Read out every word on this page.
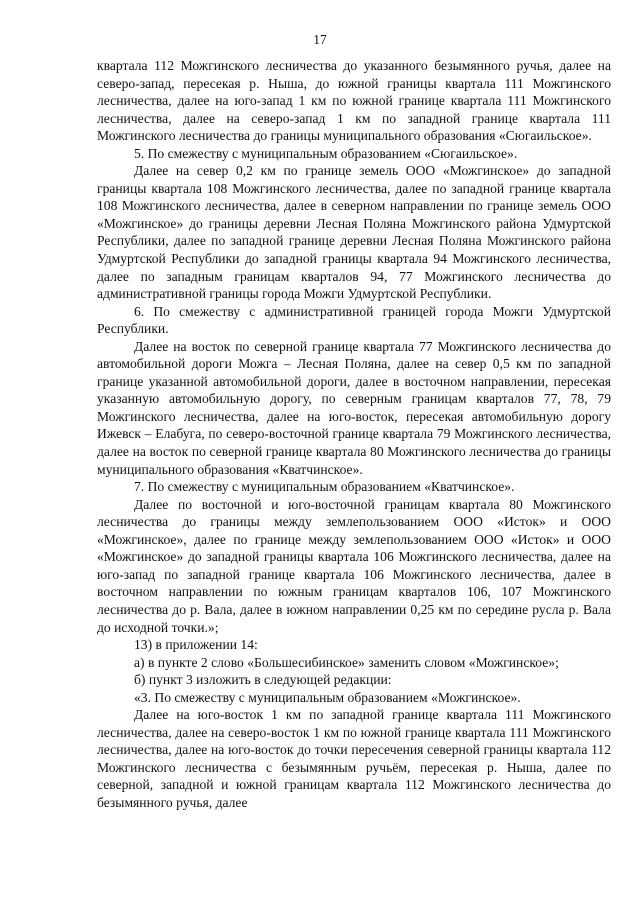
17

квартала 112 Можгинского лесничества до указанного безымянного ручья, далее на северо-запад, пересекая р. Ныша, до южной границы квартала 111 Можгинского лесничества, далее на юго-запад 1 км по южной границе квартала 111 Можгинского лесничества, далее на северо-запад 1 км по западной границе квартала 111 Можгинского лесничества до границы муниципального образования «Сюгаильское».

5. По смежеству с муниципальным образованием «Сюгаильское».

Далее на север 0,2 км по границе земель ООО «Можгинское» до западной границы квартала 108 Можгинского лесничества, далее по западной границе квартала 108 Можгинского лесничества, далее в северном направлении по границе земель ООО «Можгинское» до границы деревни Лесная Поляна Можгинского района Удмуртской Республики, далее по западной границе деревни Лесная Поляна Можгинского района Удмуртской Республики до западной границы квартала 94 Можгинского лесничества, далее по западным границам кварталов 94, 77 Можгинского лесничества до административной границы города Можги Удмуртской Республики.

6. По смежеству с административной границей города Можги Удмуртской Республики.

Далее на восток по северной границе квартала 77 Можгинского лесничества до автомобильной дороги Можга – Лесная Поляна, далее на север 0,5 км по западной границе указанной автомобильной дороги, далее в восточном направлении, пересекая указанную автомобильную дорогу, по северным границам кварталов 77, 78, 79 Можгинского лесничества, далее на юго-восток, пересекая автомобильную дорогу Ижевск – Елабуга, по северо-восточной границе квартала 79 Можгинского лесничества, далее на восток по северной границе квартала 80 Можгинского лесничества до границы муниципального образования «Кватчинское».

7. По смежеству с муниципальным образованием «Кватчинское».

Далее по восточной и юго-восточной границам квартала 80 Можгинского лесничества до границы между землепользованием ООО «Исток» и ООО «Можгинское», далее по границе между землепользованием ООО «Исток» и ООО «Можгинское» до западной границы квартала 106 Можгинского лесничества, далее на юго-запад по западной границе квартала 106 Можгинского лесничества, далее в восточном направлении по южным границам кварталов 106, 107 Можгинского лесничества до р. Вала, далее в южном направлении 0,25 км по середине русла р. Вала до исходной точки.»;

13) в приложении 14:

а) в пункте 2 слово «Большесибинское» заменить словом «Можгинское»;

б) пункт 3 изложить в следующей редакции:

«3. По смежеству с муниципальным образованием «Можгинское».

Далее на юго-восток 1 км по западной границе квартала 111 Можгинского лесничества, далее на северо-восток 1 км по южной границе квартала 111 Можгинского лесничества, далее на юго-восток до точки пересечения северной границы квартала 112 Можгинского лесничества с безымянным ручьём, пересекая р. Ныша, далее по северной, западной и южной границам квартала 112 Можгинского лесничества до безымянного ручья, далее
